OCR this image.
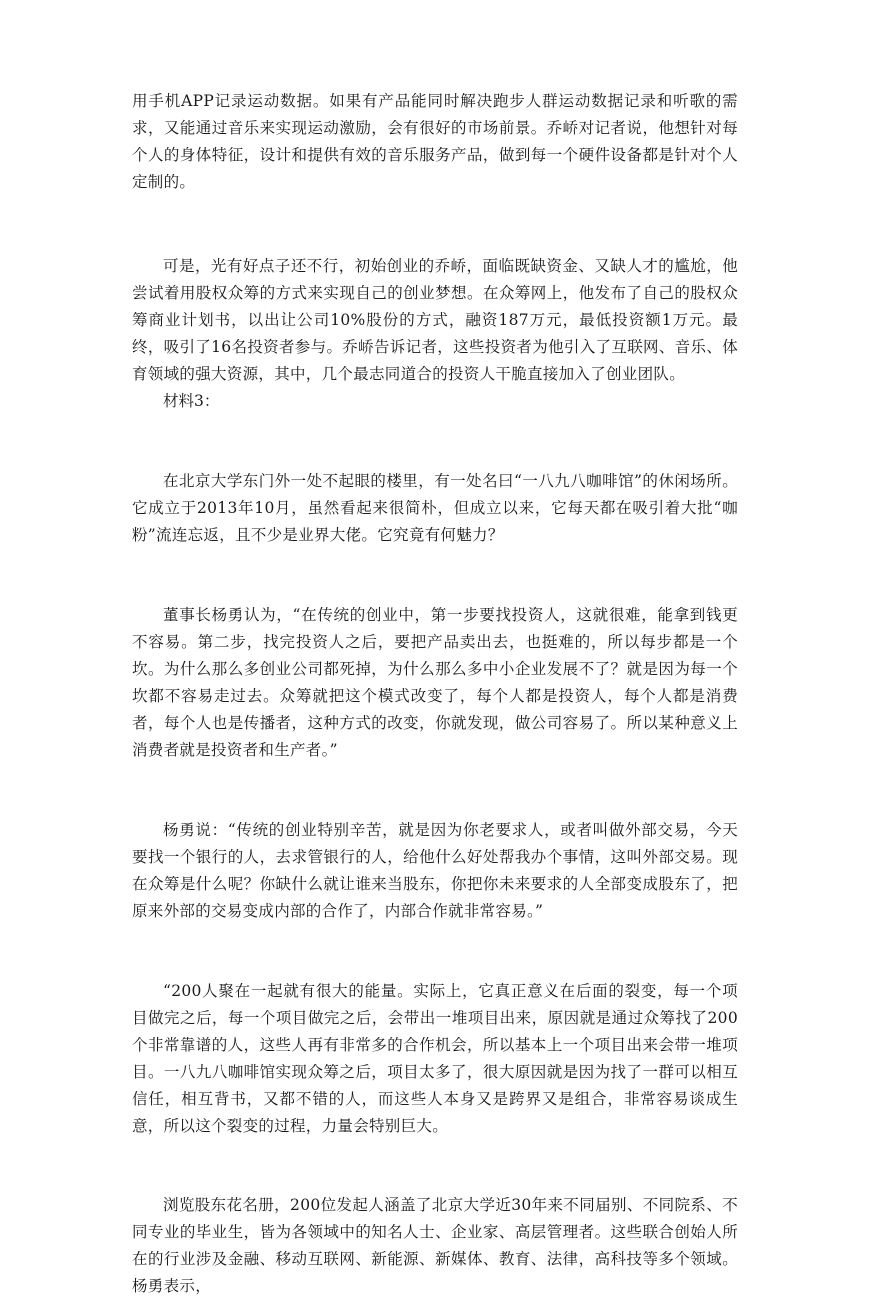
用手机APP记录运动数据。如果有产品能同时解决跑步人群运动数据记录和听歌的需求，又能通过音乐来实现运动激励，会有很好的市场前景。乔峤对记者说，他想针对每个人的身体特征，设计和提供有效的音乐服务产品，做到每一个硬件设备都是针对个人定制的。

可是，光有好点子还不行，初始创业的乔峤，面临既缺资金、又缺人才的尴尬，他尝试着用股权众筹的方式来实现自己的创业梦想。在众筹网上，他发布了自己的股权众筹商业计划书，以出让公司10%股份的方式，融资187万元，最低投资额1万元。最终，吸引了16名投资者参与。乔峤告诉记者，这些投资者为他引入了互联网、音乐、体育领域的强大资源，其中，几个最志同道合的投资人干脆直接加入了创业团队。

材料3：

在北京大学东门外一处不起眼的楼里，有一处名曰“一八九八咖啡馆”的休闲场所。它成立于2013年10月，虽然看起来很简朴，但成立以来，它每天都在吸引着大批“咖粉”流连忘返，且不少是业界大佬。它究竟有何魅力？

董事长杨勇认为，“在传统的创业中，第一步要找投资人，这就很难，能拿到钱更不容易。第二步，找完投资人之后，要把产品卖出去，也挺难的，所以每步都是一个坎。为什么那么多创业公司都死掉，为什么那么多中小企业发展不了？就是因为每一个坎都不容易走过去。众筹就把这个模式改变了，每个人都是投资人，每个人都是消费者，每个人也是传播者，这种方式的改变，你就发现，做公司容易了。所以某种意义上消费者就是投资者和生产者。”

杨勇说：“传统的创业特别辛苦，就是因为你老要求人，或者叫做外部交易，今天要找一个银行的人，去求管银行的人，给他什么好处帮我办个事情，这叫外部交易。现在众筹是什么呢？你缺什么就让谁来当股东，你把你未来要求的人全部变成股东了，把原来外部的交易变成内部的合作了，内部合作就非常容易。”

“200人聚在一起就有很大的能量。实际上，它真正意义在后面的裂变，每一个项目做完之后，每一个项目做完之后，会带出一堆项目出来，原因就是通过众筹找了200个非常靠谱的人，这些人再有非常多的合作机会，所以基本上一个项目出来会带一堆项目。一八九八咖啡馆实现众筹之后，项目太多了，很大原因就是因为找了一群可以相互信任，相互背书，又都不错的人，而这些人本身又是跨界又是组合，非常容易谈成生意，所以这个裂变的过程，力量会特别巨大。

浏览股东花名册，200位发起人涵盖了北京大学近30年来不同届别、不同院系、不同专业的毕业生，皆为各领域中的知名人士、企业家、高层管理者。这些联合创始人所在的行业涉及金融、移动互联网、新能源、新媒体、教育、法律，高科技等多个领域。杨勇表示，
